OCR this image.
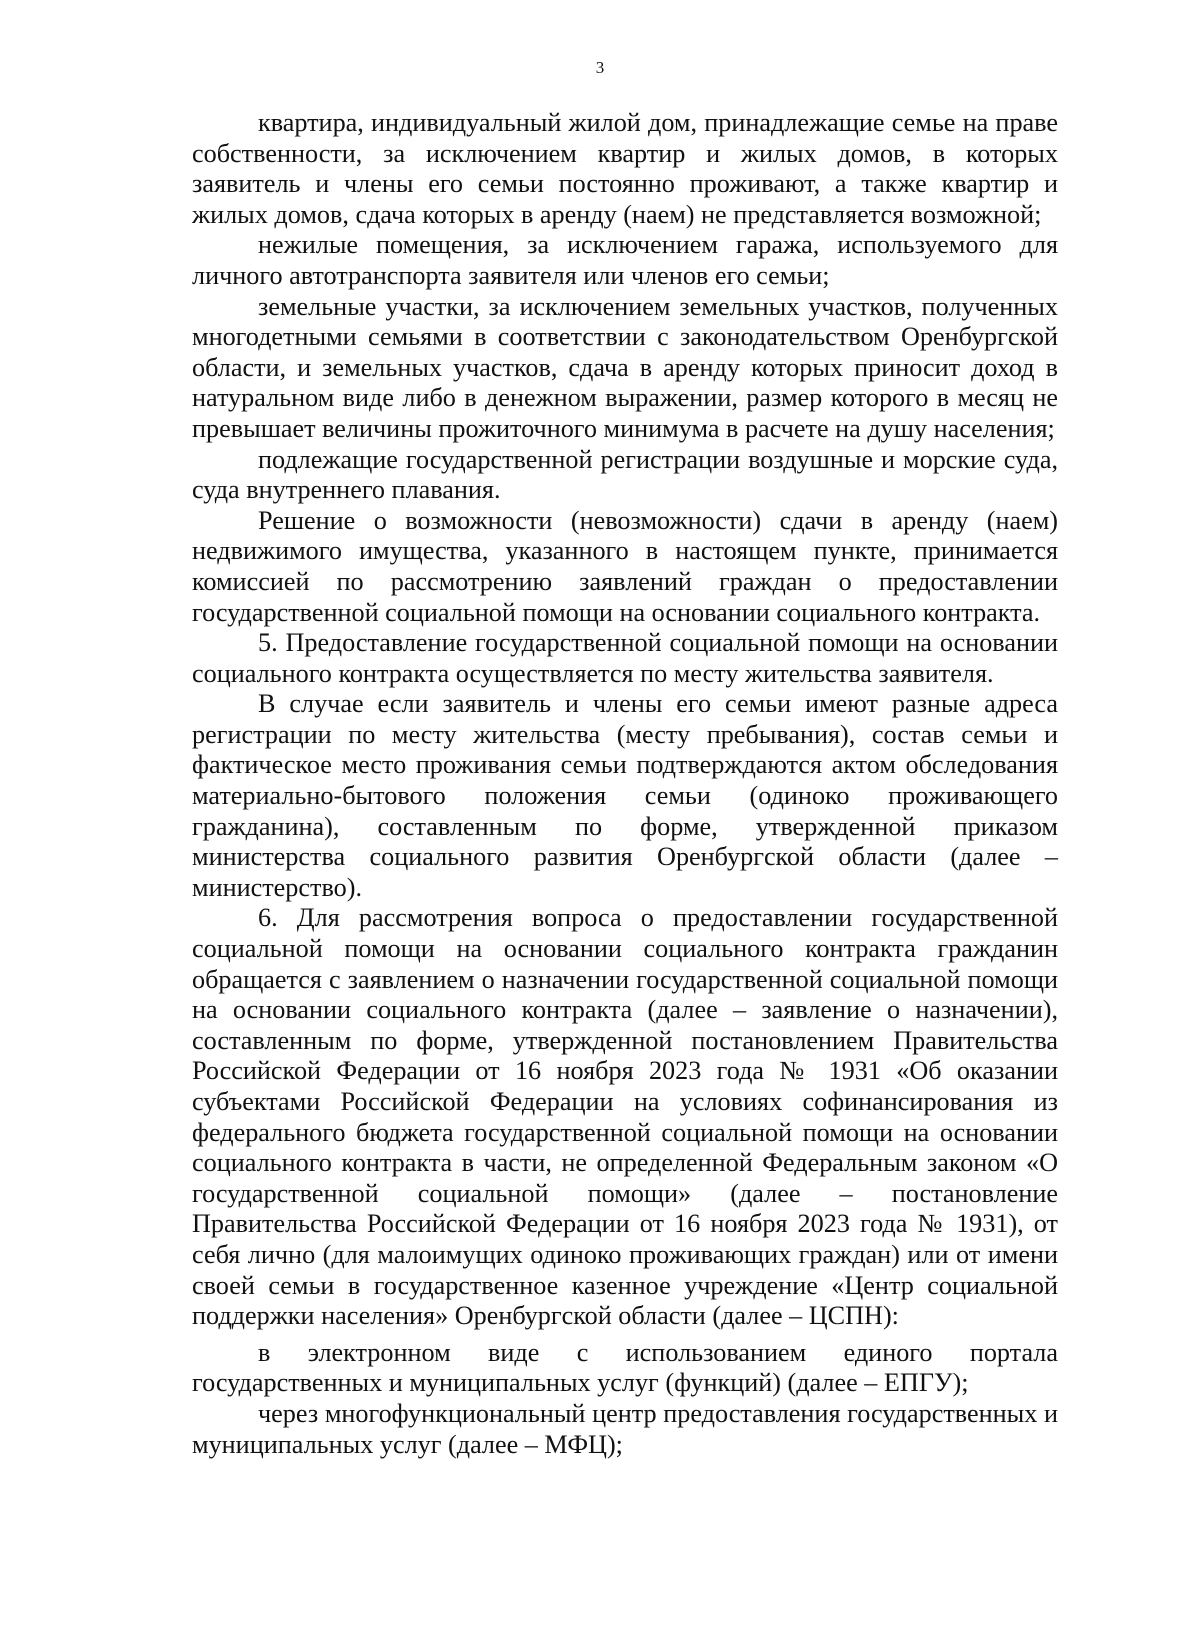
3

квартира, индивидуальный жилой дом, принадлежащие семье на праве собственности, за исключением квартир и жилых домов, в которых заявитель и члены его семьи постоянно проживают, а также квартир и жилых домов, сдача которых в аренду (наем) не представляется возможной;

нежилые помещения, за исключением гаража, используемого для личного автотранспорта заявителя или членов его семьи;

земельные участки, за исключением земельных участков, полученных многодетными семьями в соответствии с законодательством Оренбургской области, и земельных участков, сдача в аренду которых приносит доход в натуральном виде либо в денежном выражении, размер которого в месяц не превышает величины прожиточного минимума в расчете на душу населения;

подлежащие государственной регистрации воздушные и морские суда, суда внутреннего плавания.

Решение о возможности (невозможности) сдачи в аренду (наем) недвижимого имущества, указанного в настоящем пункте, принимается комиссией по рассмотрению заявлений граждан о предоставлении государственной социальной помощи на основании социального контракта.

5. Предоставление государственной социальной помощи на основании социального контракта осуществляется по месту жительства заявителя.

В случае если заявитель и члены его семьи имеют разные адреса регистрации по месту жительства (месту пребывания), состав семьи и фактическое место проживания семьи подтверждаются актом обследования материально-бытового положения семьи (одиноко проживающего гражданина), составленным по форме, утвержденной приказом министерства социального развития Оренбургской области (далее – министерство).

6. Для рассмотрения вопроса о предоставлении государственной социальной помощи на основании социального контракта гражданин обращается с заявлением о назначении государственной социальной помощи на основании социального контракта (далее – заявление о назначении), составленным по форме, утвержденной постановлением Правительства Российской Федерации от 16 ноября 2023 года № 1931 «Об оказании субъектами Российской Федерации на условиях софинансирования из федерального бюджета государственной социальной помощи на основании социального контракта в части, не определенной Федеральным законом «О государственной социальной помощи» (далее – постановление Правительства Российской Федерации от 16 ноября 2023 года № 1931), от себя лично (для малоимущих одиноко проживающих граждан) или от имени своей семьи в государственное казенное учреждение «Центр социальной поддержки населения» Оренбургской области (далее – ЦСПН):

в электронном виде с использованием единого портала государственных и муниципальных услуг (функций) (далее – ЕПГУ);

через многофункциональный центр предоставления государственных и муниципальных услуг (далее – МФЦ);
